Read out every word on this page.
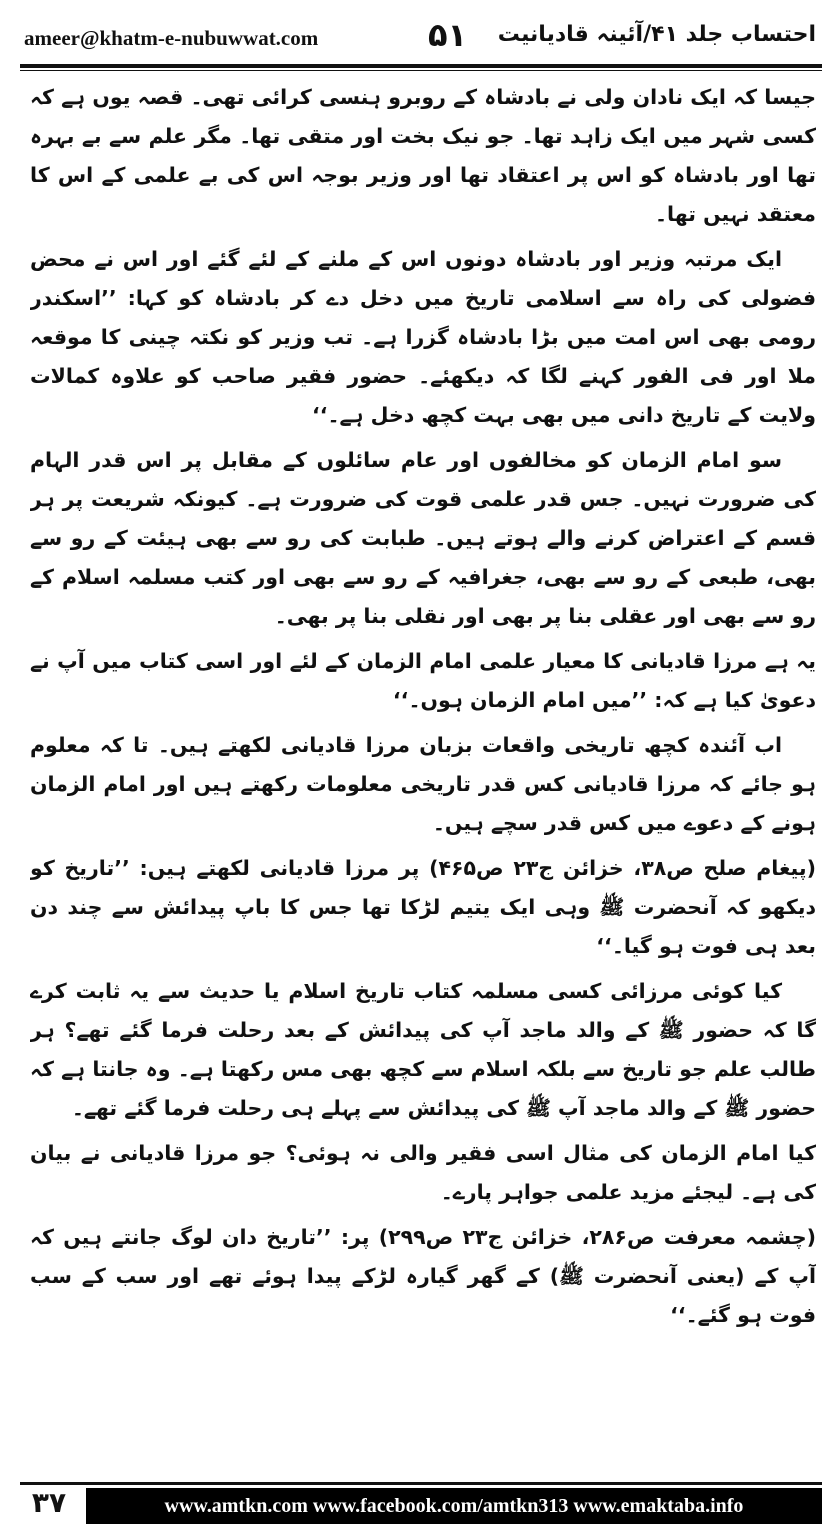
ameer@khatm-e-nubuwwat.com	۵۱ احتساب جلد ۴۱/آئینہ قادیانیت

جیسا کہ ایک نادان ولی نے بادشاہ کے روبرو ہنسی کرائی تھی۔ قصہ یوں ہے کہ کسی شہر میں ایک زاہد تھا۔ جو نیک بخت اور متقی تھا۔ مگر علم سے بے بہرہ تھا اور بادشاہ کو اس پر اعتقاد تھا اور وزیر بوجہ اس کی بے علمی کے اس کا معتقد نہیں تھا۔

ایک مرتبہ وزیر اور بادشاہ دونوں اس کے ملنے کے لئے گئے اور اس نے محض فضولی کی راہ سے اسلامی تاریخ میں دخل دے کر بادشاہ کو کہا: ’’اسکندر رومی بھی اس امت میں بڑا بادشاہ گزرا ہے۔ تب وزیر کو نکتہ چینی کا موقعہ ملا اور فی الفور کہنے لگا کہ دیکھئے۔ حضور فقیر صاحب کو علاوہ کمالات ولایت کے تاریخ دانی میں بھی بہت کچھ دخل ہے۔‘‘

سو امام الزمان کو مخالفوں اور عام سائلوں کے مقابل پر اس قدر الہام کی ضرورت نہیں۔ جس قدر علمی قوت کی ضرورت ہے۔ کیونکہ شریعت پر ہر قسم کے اعتراض کرنے والے ہوتے ہیں۔ طبابت کی رو سے بھی ہیئت کے رو سے بھی، طبعی کے رو سے بھی، جغرافیہ کے رو سے بھی اور کتب مسلمہ اسلام کے رو سے بھی اور عقلی بنا پر بھی اور نقلی بنا پر بھی۔

یہ ہے مرزا قادیانی کا معیار علمی امام الزمان کے لئے اور اسی کتاب میں آپ نے دعویٰ کیا ہے کہ: ’’میں امام الزمان ہوں۔‘‘

اب آئندہ کچھ تاریخی واقعات بزبان مرزا قادیانی لکھتے ہیں۔ تا کہ معلوم ہو جائے کہ مرزا قادیانی کس قدر تاریخی معلومات رکھتے ہیں اور امام الزمان ہونے کے دعوے میں کس قدر سچے ہیں۔

(پیغام صلح ص۳۸، خزائن ج۲۳ ص۴۶۵) پر مرزا قادیانی لکھتے ہیں: ’’تاریخ کو دیکھو کہ آنحضرت ﷺ وہی ایک یتیم لڑکا تھا جس کا باپ پیدائش سے چند دن بعد ہی فوت ہو گیا۔‘‘

کیا کوئی مرزائی کسی مسلمہ کتاب تاریخ اسلام یا حدیث سے یہ ثابت کرے گا کہ حضور ﷺ کے والد ماجد آپ کی پیدائش کے بعد رحلت فرما گئے تھے؟ ہر طالب علم جو تاریخ سے بلکہ اسلام سے کچھ بھی مس رکھتا ہے۔ وہ جانتا ہے کہ حضور ﷺ کے والد ماجد آپ ﷺ کی پیدائش سے پہلے ہی رحلت فرما گئے تھے۔

کیا امام الزمان کی مثال اسی فقیر والی نہ ہوئی؟ جو مرزا قادیانی نے بیان کی ہے۔ لیجئے مزید علمی جواہر پارے۔

(چشمہ معرفت ص۲۸۶، خزائن ج۲۳ ص۲۹۹) پر: ’’تاریخ دان لوگ جانتے ہیں کہ آپ کے (یعنی آنحضرت ﷺ) کے گھر گیارہ لڑکے پیدا ہوئے تھے اور سب کے سب فوت ہو گئے۔‘‘

۳۷	www.amtkn.com www.facebook.com/amtkn313 www.emaktaba.info
